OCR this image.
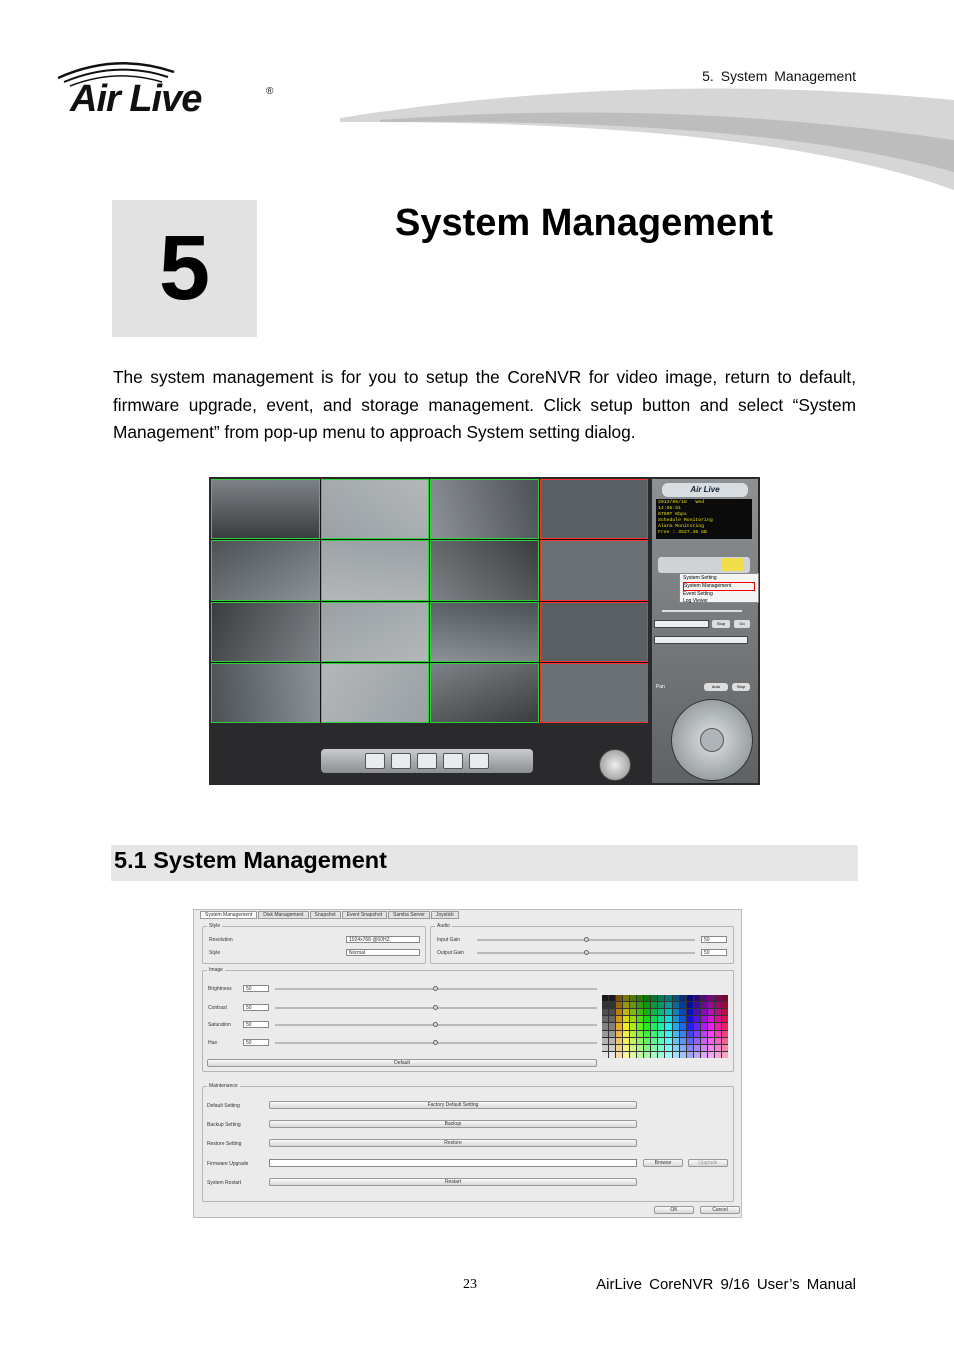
Air Live	®
5. System Management
5	System Management
The system management is for you to setup the CoreNVR for video image, return to default, firmware upgrade, event, and storage management. Click setup button and select “System Management” from pop-up menu to approach System setting dialog.
Air Live
2013/05/18 Wed
14:55:51
6750T Kbps
Schedule Monitoring
Alarm Monitoring
Free : 3527.46 GB
Stop	Go
Pan	Auto	Stop
System Setting
System Management
Event Setting
Log Viewer
5.1 System Management
System Management	Disk Management	Snapshot	Event Snapshot	Samba Server	Joystick
Style
Resolution	1024x768 @60HZ
Style	Normal
Audio
Input Gain	50
Output Gain	50
Image
Brightness	50
Contrast	50
Saturation	50
Hue	50
Default
Maintenance
Default Setting	Factory Default Setting
Backup Setting	Backup
Restore Setting	Restore
Firmware Upgrade	Browse	Upgrade
System Restart	Restart
OK	Cancel
23	AirLive CoreNVR 9/16 User’s Manual
